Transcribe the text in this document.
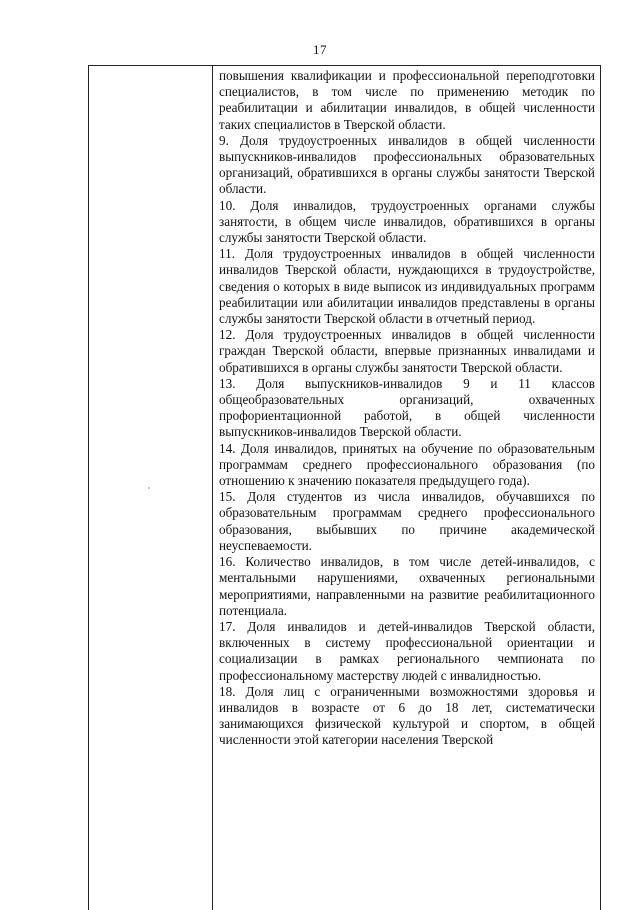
17

повышения квалификации и профессиональной переподготовки специалистов, в том числе по применению методик по реабилитации и абилитации инвалидов, в общей численности таких специалистов в Тверской области.

9. Доля трудоустроенных инвалидов в общей численности выпускников-инвалидов профессиональных образовательных организаций, обратившихся в органы службы занятости Тверской области.

10. Доля инвалидов, трудоустроенных органами службы занятости, в общем числе инвалидов, обратившихся в органы службы занятости Тверской области.

11. Доля трудоустроенных инвалидов в общей численности инвалидов Тверской области, нуждающихся в трудоустройстве, сведения о которых в виде выписок из индивидуальных программ реабилитации или абилитации инвалидов представлены в органы службы занятости Тверской области в отчетный период.

12. Доля трудоустроенных инвалидов в общей численности граждан Тверской области, впервые признанных инвалидами и обратившихся в органы службы занятости Тверской области.

13. Доля выпускников-инвалидов 9 и 11 классов общеобразовательных организаций, охваченных профориентационной работой, в общей численности выпускников-инвалидов Тверской области.

14. Доля инвалидов, принятых на обучение по образовательным программам среднего профессионального образования (по отношению к значению показателя предыдущего года).

15. Доля студентов из числа инвалидов, обучавшихся по образовательным программам среднего профессионального образования, выбывших по причине академической неуспеваемости.

16. Количество инвалидов, в том числе детей-инвалидов, с ментальными нарушениями, охваченных региональными мероприятиями, направленными на развитие реабилитационного потенциала.

17. Доля инвалидов и детей-инвалидов Тверской области, включенных в систему профессиональной ориентации и социализации в рамках регионального чемпионата по профессиональному мастерству людей с инвалидностью.

18. Доля лиц с ограниченными возможностями здоровья и инвалидов в возрасте от 6 до 18 лет, систематически занимающихся физической культурой и спортом, в общей численности этой категории населения Тверской
